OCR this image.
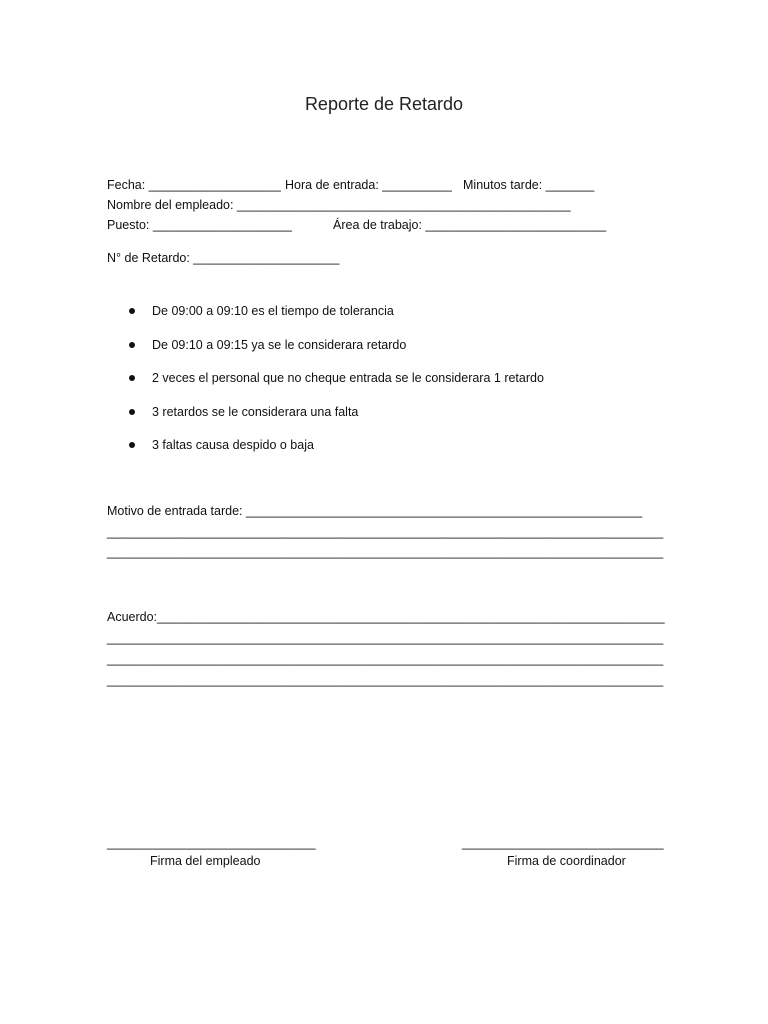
Reporte de Retardo
Fecha: ___________________ Hora de entrada: __________ Minutos tarde: _______
Nombre del empleado: ________________________________________________
Puesto: ____________________	Área de trabajo: __________________________
N° de Retardo: _____________________
De 09:00 a 09:10 es el tiempo de tolerancia
De 09:10 a 09:15 ya se le considerara retardo
2 veces el personal que no cheque entrada se le considerara 1 retardo
3 retardos se le considerara una falta
3 faltas causa despido o baja
Motivo de entrada tarde: _________________________________________________________
________________________________________________________________________________
________________________________________________________________________________
Acuerdo:_________________________________________________________________________
________________________________________________________________________________
________________________________________________________________________________
________________________________________________________________________________
______________________________
Firma del empleado
_____________________________
Firma de coordinador
